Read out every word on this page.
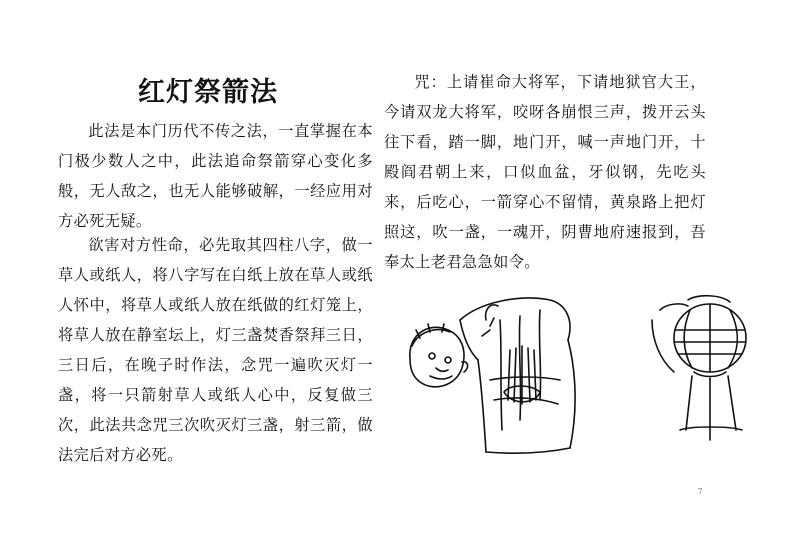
红灯祭箭法

此法是本门历代不传之法，一直掌握在本门极少数人之中，此法追命祭箭穿心变化多般，无人敌之，也无人能够破解，一经应用对方必死无疑。

欲害对方性命，必先取其四柱八字，做一草人或纸人，将八字写在白纸上放在草人或纸人怀中，将草人或纸人放在纸做的红灯笼上，将草人放在静室坛上，灯三盏焚香祭拜三日，三日后，在晚子时作法，念咒一遍吹灭灯一盏，将一只箭射草人或纸人心中，反复做三次，此法共念咒三次吹灭灯三盏，射三箭，做法完后对方必死。

咒：上请崔命大将军，下请地狱官大王，今请双龙大将军，咬呀各崩恨三声，拨开云头往下看，踏一脚，地门开，喊一声地门开，十殿阎君朝上来，口似血盆，牙似钢，先吃头来，后吃心，一箭穿心不留情，黄泉路上把灯照这，吹一盏，一魂开，阴曹地府速报到，吾奉太上老君急急如令。

7
